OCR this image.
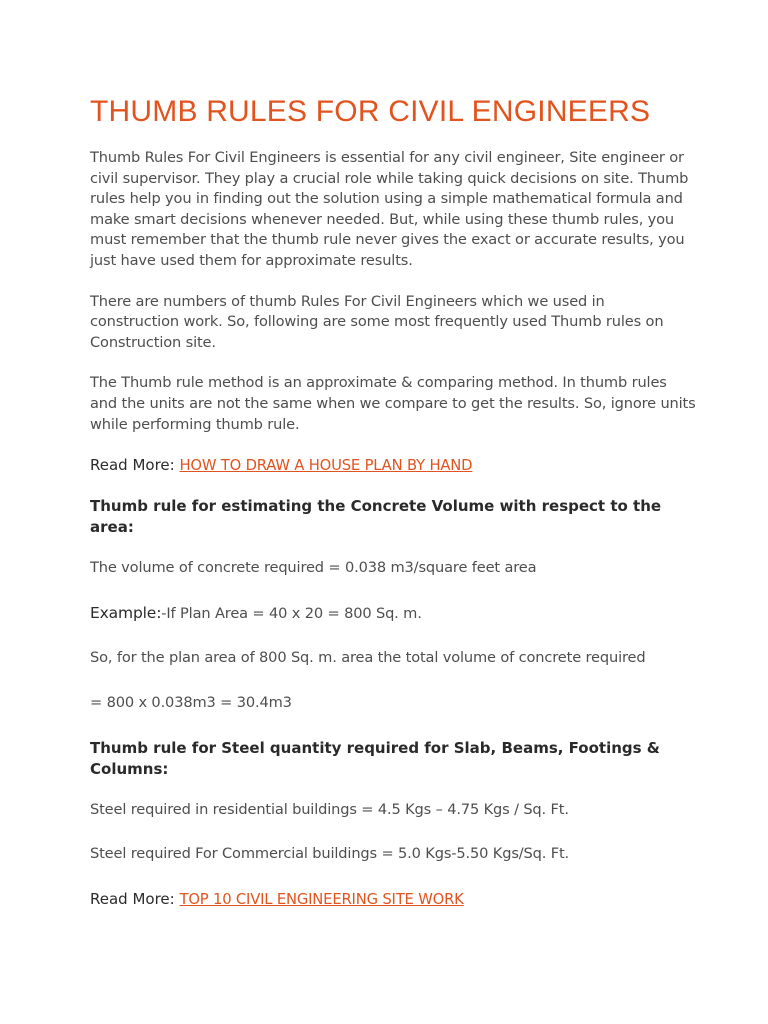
THUMB RULES FOR CIVIL ENGINEERS

Thumb Rules For Civil Engineers is essential for any civil engineer, Site engineer or civil supervisor. They play a crucial role while taking quick decisions on site. Thumb rules help you in finding out the solution using a simple mathematical formula and make smart decisions whenever needed. But, while using these thumb rules, you must remember that the thumb rule never gives the exact or accurate results, you just have used them for approximate results.

There are numbers of thumb Rules For Civil Engineers which we used in construction work. So, following are some most frequently used Thumb rules on Construction site.

The Thumb rule method is an approximate & comparing method. In thumb rules and the units are not the same when we compare to get the results. So, ignore units while performing thumb rule.

Read More: HOW TO DRAW A HOUSE PLAN BY HAND

Thumb rule for estimating the Concrete Volume with respect to the area:

The volume of concrete required = 0.038 m3/square feet area

Example:-If Plan Area = 40 x 20 = 800 Sq. m.

So, for the plan area of 800 Sq. m. area the total volume of concrete required

= 800 x 0.038m3 = 30.4m3

Thumb rule for Steel quantity required for Slab, Beams, Footings & Columns:

Steel required in residential buildings = 4.5 Kgs – 4.75 Kgs / Sq. Ft.

Steel required For Commercial buildings = 5.0 Kgs-5.50 Kgs/Sq. Ft.

Read More: TOP 10 CIVIL ENGINEERING SITE WORK
